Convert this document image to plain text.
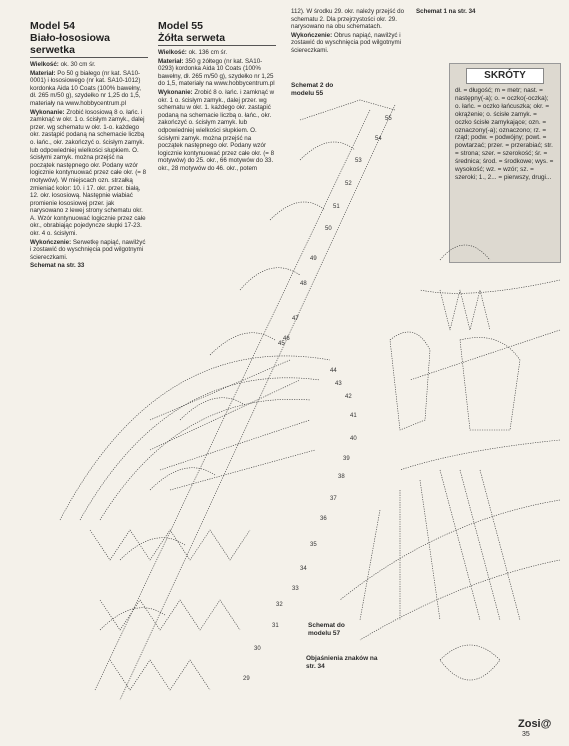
Model 54
Biało-łososiowa serwetka

Wielkość: ok. 30 cm śr.

Materiał: Po 50 g białego (nr kat. SA10-0001) i łososiowego (nr kat. SA10-1012) kordonka Aida 10 Coats (100% bawełny, dł. 265 m/50 g), szydełko nr 1,25 do 1,5, materiały na www.hobbycentrum.pl

Wykonanie: Zrobić łososiową 8 o. łańc. i zamknąć w okr. 1 o. ścisłym zamyk., dalej przer. wg schematu w okr. 1-o. każdego okr. zastąpić podaną na schemacie liczbą o. łańc., okr. zakończyć o. ścisłym zamyk. lub odpowiedniej wielkości słupkiem. O. ścisłymi zamyk. można przejść na początek następnego okr. Podany wzór logicznie kontynuować przez całe okr. (= 8 motywów). W miejscach ozn. strzałką zmieniać kolor: 10. i 17. okr. przer. białą, 12. okr. łososiową. Następnie wiabiać promienie łososiowej przer. jak narysowano z lewej strony schematu okr. A. Wzór kontynuować logicznie przez całe okr., obrabiając pojedyncze słupki 17-23. okr. 4 o. ścisłymi.

Wykończenie: Serwetkę napiąć, nawilżyć i zostawić do wyschnięcia pod wilgotnymi ściereczkami.

Schemat na str. 33

Model 55
Żółta serweta

Wielkość: ok. 136 cm śr.

Materiał: 350 g żółtego (nr kat. SA10-0293) kordonka Aida 10 Coats (100% bawełny, dł. 265 m/50 g), szydełko nr 1,25 do 1,5, materiały na www.hobbycentrum.pl

Wykonanie: Zrobić 8 o. łańc. i zamknąć w okr. 1 o. ścisłym zamyk., dalej przer. wg schematu w okr. 1. każdego okr. zastąpić podaną na schemacie liczbą o. łańc., okr. zakończyć o. ścisłym zamyk. lub odpowiedniej wielkości słupkiem. O. ścisłymi zamyk. można przejść na początek następnego okr. Podany wzór logicznie kontynuować przez całe okr. (= 8 motywów) do 25. okr., 66 motywów do 33. okr., 28 motywów do 46. okr., potem

112). W środku 29. okr. należy przejść do schematu 2. Dla przejrzystości okr. 29. narysowano na obu schematach.

Wykończenie: Obrus napiąć, nawilżyć i zostawić do wyschnięcia pod wilgotnymi ściereczkami.

Schemat 1 na str. 34

SKRÓTY
dł. = długość; m = metr; nast. = następny(-a); o. = oczko(-oczka); o. łańc. = oczko łańcuszka; okr. = okrążenie; o. ścisłe zamyk. = oczko ścisłe zamykające; ozn. = oznaczony(-a); oznaczono; rz. = rząd; podw. = podwójny; powt. = powtarzać; przer. = przerabiać; str. = strona; szer. = szerokość; śr. = średnica; środ. = środkowe; wys. = wysokość; wz. = wzór; sz. = szeroki; 1., 2... = pierwszy, drugi...
Schemat 2 do modelu 55
Schemat do modelu 57
Objaśnienia znaków na str. 34
55
54
53
52
51
50
49
48
47
46
45
44
43
42
41
40
39
38
37
36
35
34
33
32
31
30
29
Zosi@
35
